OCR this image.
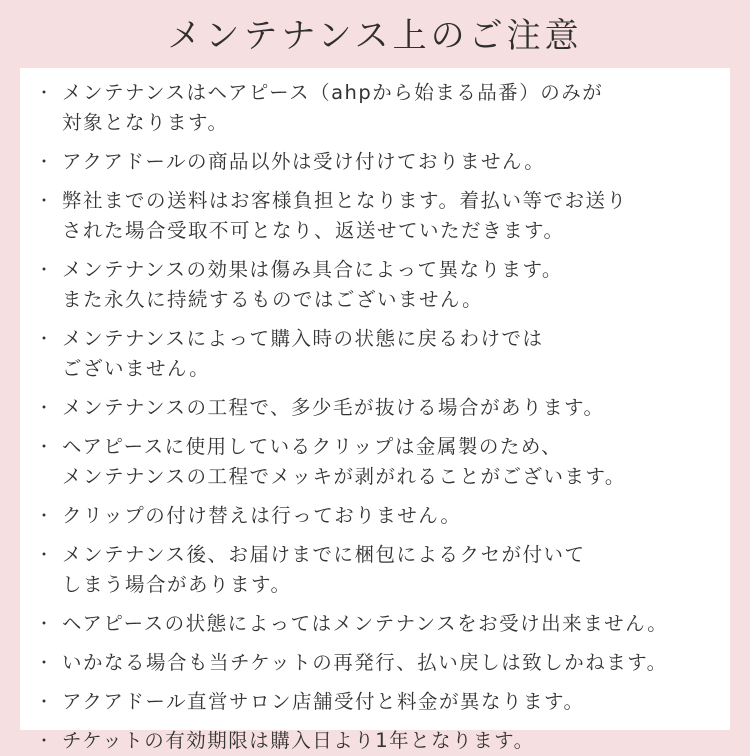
メンテナンス上のご注意
・ メンテナンスはヘアピース（ahpから始まる品番）のみが
対象となります。
・ アクアドールの商品以外は受け付けておりません。
・ 弊社までの送料はお客様負担となります。着払い等でお送り
された場合受取不可となり、返送せていただきます。
・ メンテナンスの効果は傷み具合によって異なります。
また永久に持続するものではございません。
・ メンテナンスによって購入時の状態に戻るわけでは
ございません。
・ メンテナンスの工程で、多少毛が抜ける場合があります。
・ ヘアピースに使用しているクリップは金属製のため、
メンテナンスの工程でメッキが剥がれることがございます。
・ クリップの付け替えは行っておりません。
・ メンテナンス後、お届けまでに梱包によるクセが付いて
しまう場合があります。
・ ヘアピースの状態によってはメンテナンスをお受け出来ません。
・ いかなる場合も当チケットの再発行、払い戻しは致しかねます。
・ アクアドール直営サロン店舗受付と料金が異なります。
・ チケットの有効期限は購入日より1年となります。
